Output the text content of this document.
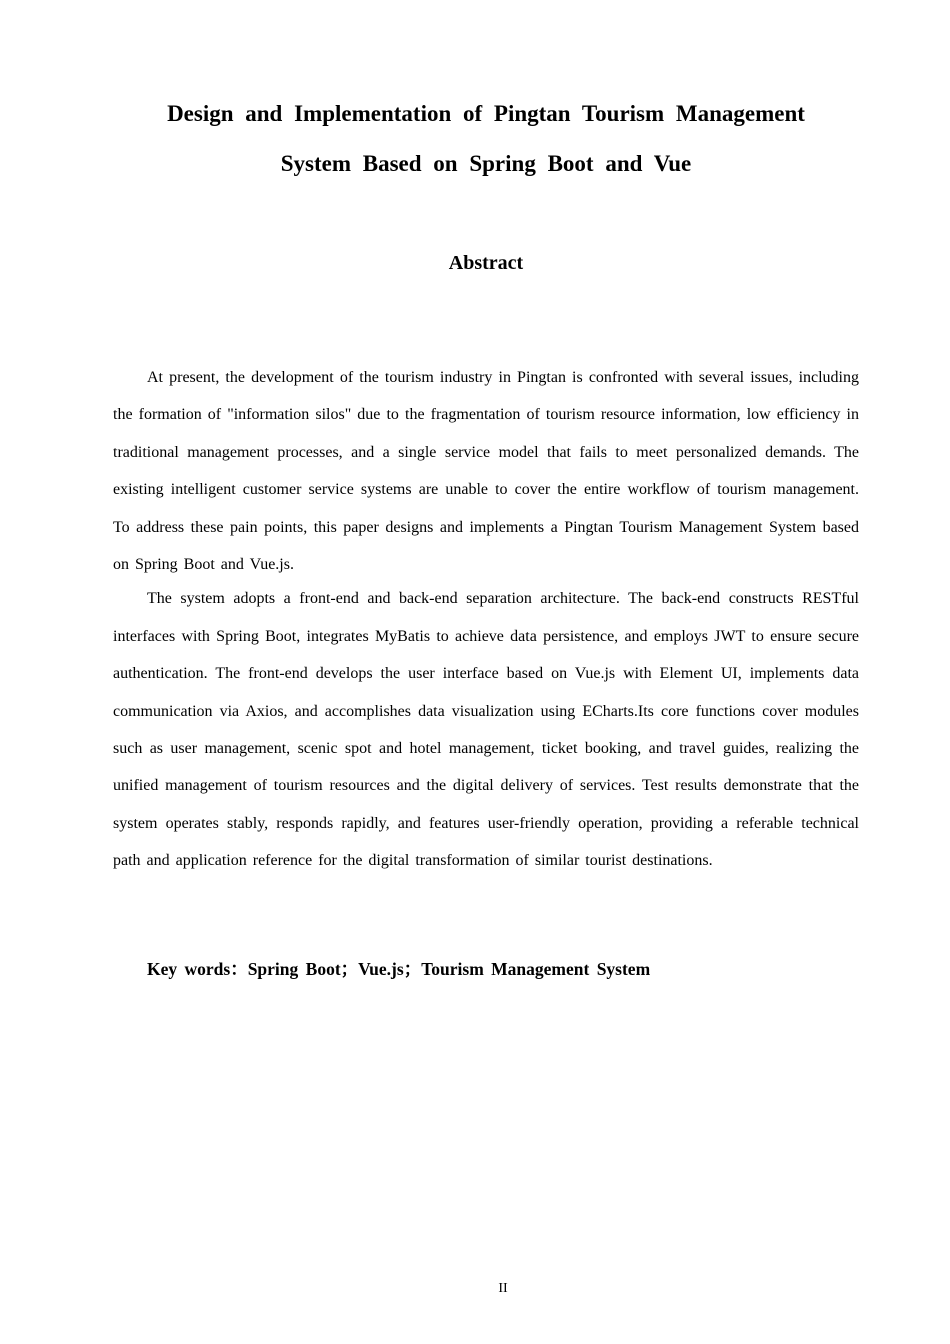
Design and Implementation of Pingtan Tourism Management
System Based on Spring Boot and Vue
Abstract

At present, the development of the tourism industry in Pingtan is confronted with several issues, including the formation of "information silos" due to the fragmentation of tourism resource information, low efficiency in traditional management processes, and a single service model that fails to meet personalized demands. The existing intelligent customer service systems are unable to cover the entire workflow of tourism management. To address these pain points, this paper designs and implements a Pingtan Tourism Management System based on Spring Boot and Vue.js.

The system adopts a front-end and back-end separation architecture. The back-end constructs RESTful interfaces with Spring Boot, integrates MyBatis to achieve data persistence, and employs JWT to ensure secure authentication. The front-end develops the user interface based on Vue.js with Element UI, implements data communication via Axios, and accomplishes data visualization using ECharts.Its core functions cover modules such as user management, scenic spot and hotel management, ticket booking, and travel guides, realizing the unified management of tourism resources and the digital delivery of services. Test results demonstrate that the system operates stably, responds rapidly, and features user-friendly operation, providing a referable technical path and application reference for the digital transformation of similar tourist destinations.

Key words：Spring Boot；Vue.js；Tourism Management System
II
